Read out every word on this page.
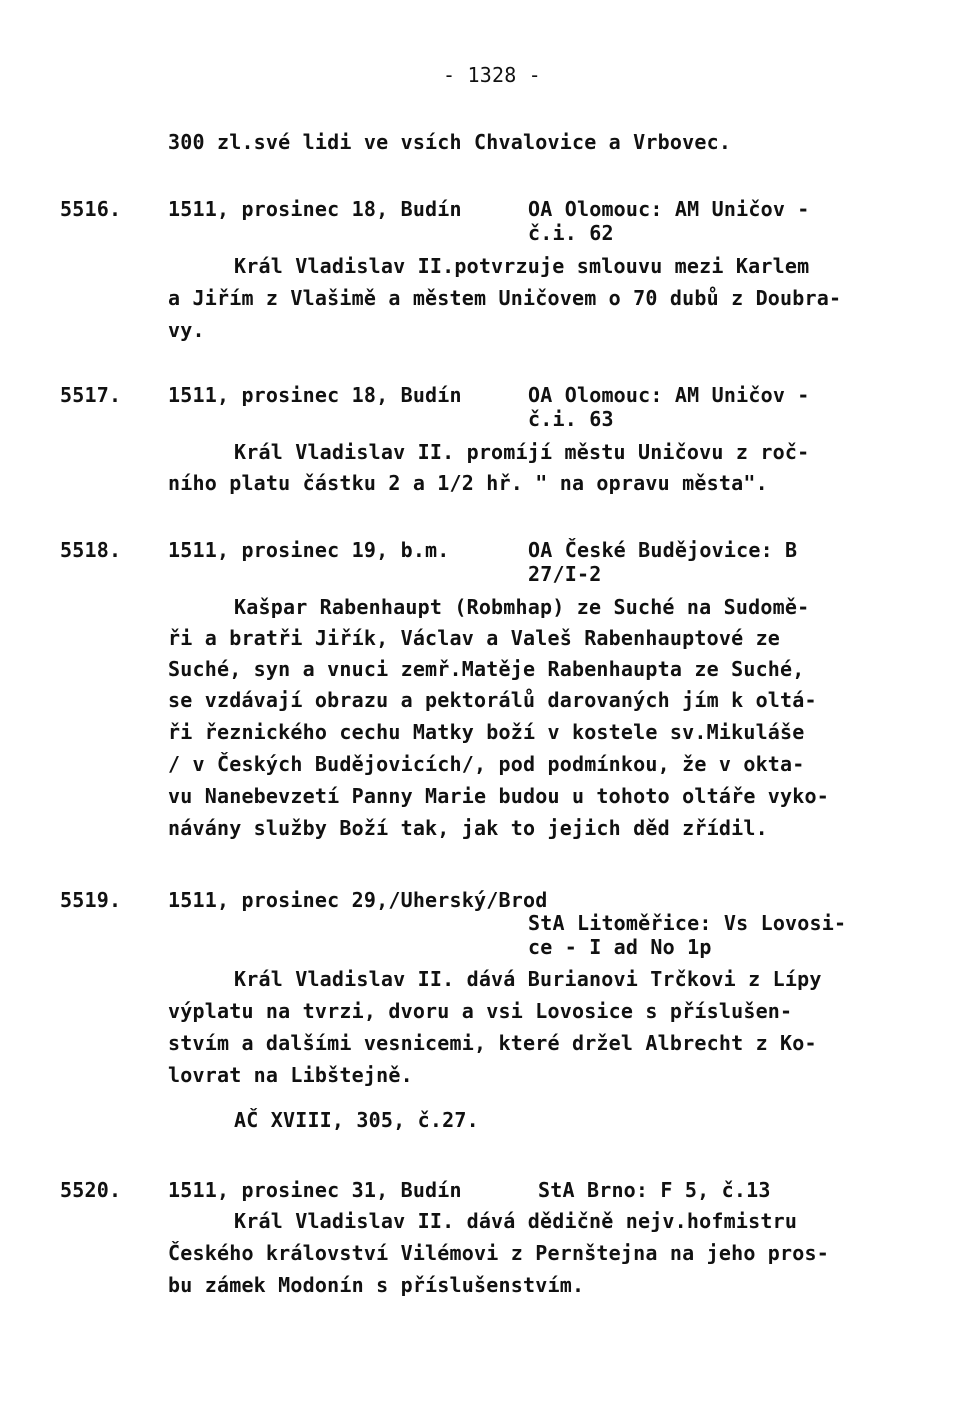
- 1328 -
300 zl.své lidi ve vsích Chvalovice a Vrbovec.
5516. 1511, prosinec 18, Budín	OA Olomouc: AM Uničov -
č.i. 62
Král Vladislav II.potvrzuje smlouvu mezi Karlem
a Jiřím z Vlašimě a městem Uničovem o 70 dubů z Doubra-
vy.
5517. 1511, prosinec 18, Budín	OA Olomouc: AM Uničov -
č.i. 63
Král Vladislav II. promíjí městu Uničovu z roč-
ního platu částku 2 a 1/2 hř. " na opravu města".
5518. 1511, prosinec 19, b.m.	OA České Budějovice: B
27/I-2
Kašpar Rabenhaupt (Robmhap) ze Suché na Sudomě-
ři a bratři Jiřík, Václav a Valeš Rabenhauptové ze
Suché, syn a vnuci zemř.Matěje Rabenhaupta ze Suché,
se vzdávají obrazu a pektorálů darovaných jím k oltá-
ři řeznického cechu Matky boží v kostele sv.Mikuláše
/ v Českých Budějovicích/, pod podmínkou, že v okta-
vu Nanebevzetí Panny Marie budou u tohoto oltáře vyko-
návány služby Boží tak, jak to jejich děd zřídil.
5519. 1511, prosinec 29,/Uherský/Brod
StA Litoměřice: Vs Lovosi-
ce - I ad No 1p
Král Vladislav II. dává Burianovi Trčkovi z Lípy
výplatu na tvrzi, dvoru a vsi Lovosice s příslušen-
stvím a dalšími vesnicemi, které držel Albrecht z Ko-
lovrat na Libštejně.
AČ XVIII, 305, č.27.
5520. 1511, prosinec 31, Budín	StA Brno: F 5, č.13
Král Vladislav II. dává dědičně nejv.hofmistru
Českého království Vilémovi z Pernštejna na jeho pros-
bu zámek Modonín s příslušenstvím.
